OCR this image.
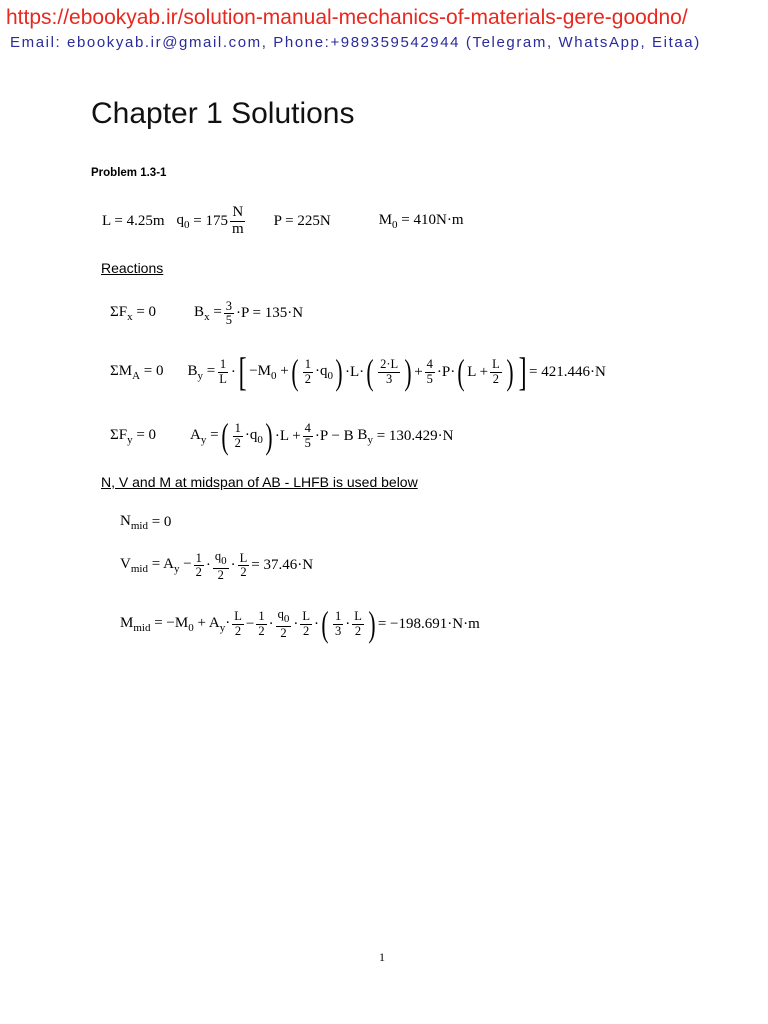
https://ebookyab.ir/solution-manual-mechanics-of-materials-gere-goodno/
Email: ebookyab.ir@gmail.com, Phone:+989359542944 (Telegram, WhatsApp, Eitaa)
Chapter 1 Solutions
Problem 1.3-1
L = 4.25m $q_0$
= $175 \frac{N}{m}$ P = 225N	$M_0 = 410N\cdot m$
Reactions
$\Sigma F_x = 0$	$B_x = \frac{3}{5} \cdot P = 135\cdot N$
$\Sigma M_A = 0$ $B_y = \frac{1}{L}$ · [ $-M_0$ + ( $\frac{1}{2} \cdot q_0$ ) ·L· ( $\frac{2\cdot L}{3}$ ) + $\frac{4}{5} \cdot P\cdot$ ( $L + \frac{L}{2}$ ) ] = 421.446·N
$\Sigma F_y = 0$ $A_y$ = ( $\frac{1}{2} \cdot q_0$ ) $\cdot L + \frac{4}{5} \cdot P - B$
$B_y$
= 130.429·N
N, V and M at midspan of AB - LHFB is used below
$N_{mid} = 0$
$V_{mid} = A_y - \frac{1}{2} \cdot \frac{q_0}{2} \cdot \frac{L}{2} = 37.46\cdot N$
$M_{mid} = -M_0 + A_y\cdot \frac{L}{2} - \frac{1}{2} \cdot \frac{q_0}{2} \cdot \frac{L}{2}$ · ( $\frac{1}{3} \cdot \frac{L}{2}$ ) = −198.691·N·m
1
